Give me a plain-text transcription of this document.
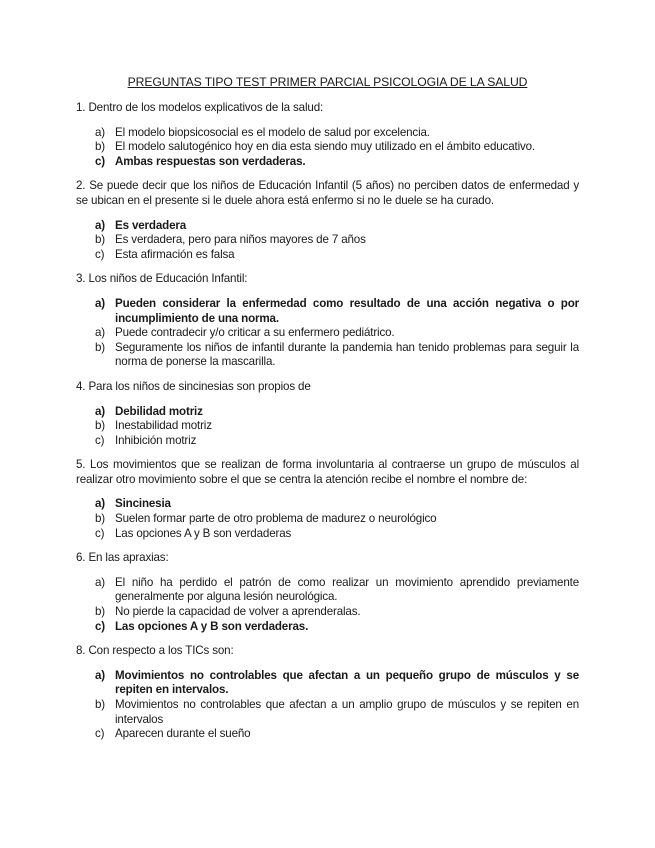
PREGUNTAS TIPO TEST PRIMER PARCIAL PSICOLOGIA DE LA SALUD

1. Dentro de los modelos explicativos de la salud:

a) El modelo biopsicosocial es el modelo de salud por excelencia.
b) El modelo salutogénico hoy en dia esta siendo muy utilizado en el ámbito educativo.
c) Ambas respuestas son verdaderas.

2. Se puede decir que los niños de Educación Infantil (5 años) no perciben datos de enfermedad y se ubican en el presente si le duele ahora está enfermo si no le duele se ha curado.

a) Es verdadera
b) Es verdadera, pero para niños mayores de 7 años
c) Esta afirmación es falsa

3. Los niños de Educación Infantil:

a) Pueden considerar la enfermedad como resultado de una acción negativa o por incumplimiento de una norma.
a) Puede contradecir y/o criticar a su enfermero pediátrico.
b) Seguramente los niños de infantil durante la pandemia han tenido problemas para seguir la norma de ponerse la mascarilla.

4. Para los niños de sincinesias son propios de

a) Debilidad motriz
b) Inestabilidad motriz
c) Inhibición motriz

5. Los movimientos que se realizan de forma involuntaria al contraerse un grupo de músculos al realizar otro movimiento sobre el que se centra la atención recibe el nombre el nombre de:

a) Sincinesia
b) Suelen formar parte de otro problema de madurez o neurológico
c) Las opciones A y B son verdaderas

6. En las apraxias:

a) El niño ha perdido el patrón de como realizar un movimiento aprendido previamente generalmente por alguna lesión neurológica.
b) No pierde la capacidad de volver a aprenderalas.
c) Las opciones A y B son verdaderas.

8. Con respecto a los TICs son:

a) Movimientos no controlables que afectan a un pequeño grupo de músculos y se repiten en intervalos.
b) Movimientos no controlables que afectan a un amplio grupo de músculos y se repiten en intervalos
c) Aparecen durante el sueño
